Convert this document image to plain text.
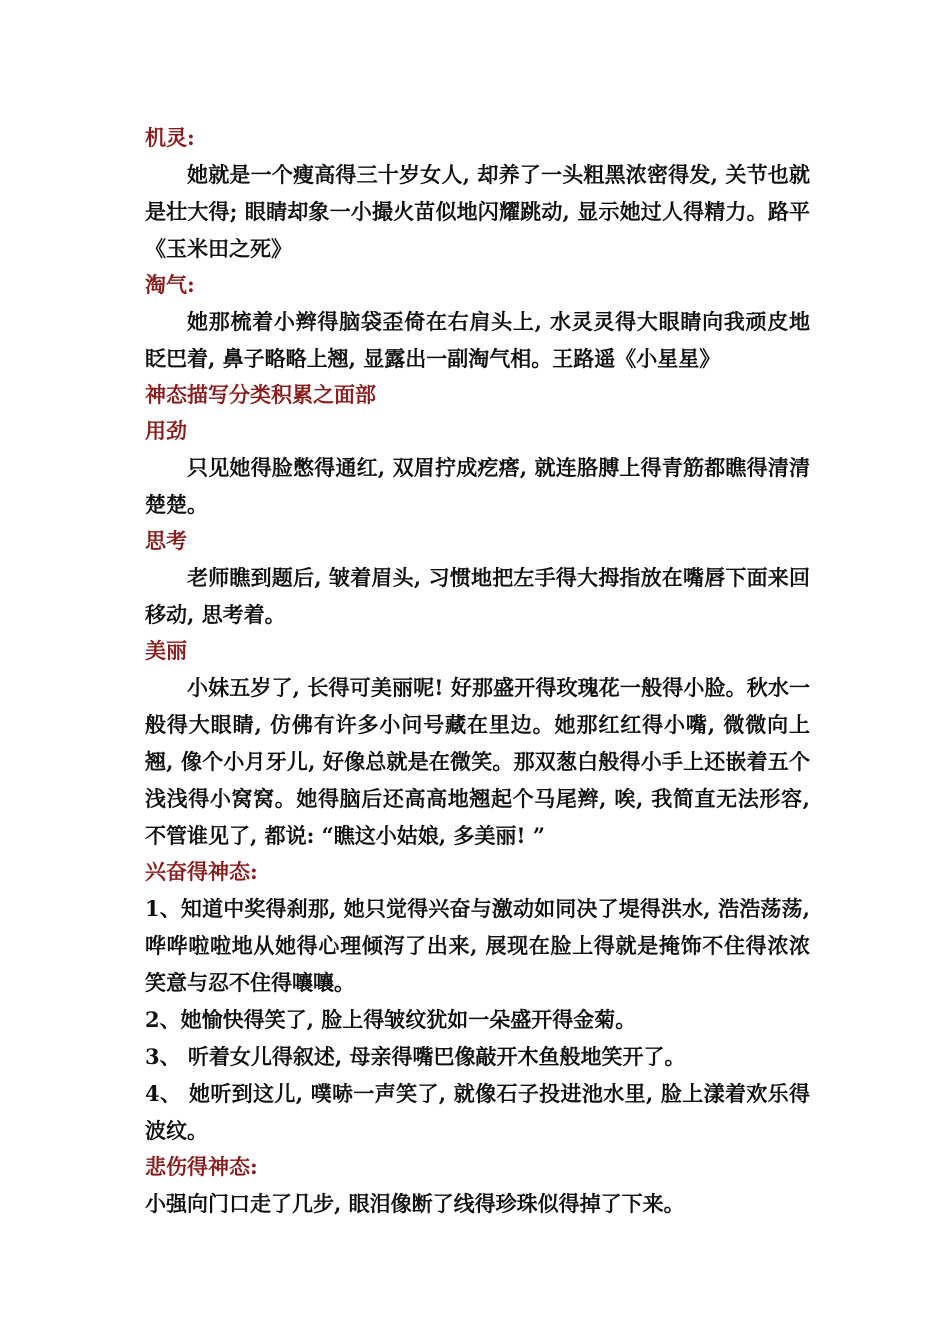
机灵:

她就是一个瘦高得三十岁女人, 却养了一头粗黑浓密得发, 关节也就是壮大得; 眼睛却象一小撮火苗似地闪耀跳动, 显示她过人得精力。路平《玉米田之死》

淘气:

她那梳着小辫得脑袋歪倚在右肩头上, 水灵灵得大眼睛向我顽皮地眨巴着, 鼻子略略上翘, 显露出一副淘气相。王路遥《小星星》

神态描写分类积累之面部
用劲

只见她得脸憋得通红, 双眉拧成疙瘩, 就连胳膊上得青筋都瞧得清清楚楚。

思考

老师瞧到题后, 皱着眉头, 习惯地把左手得大拇指放在嘴唇下面来回移动, 思考着。

美丽

小妹五岁了, 长得可美丽呢! 好那盛开得玫瑰花一般得小脸。秋水一般得大眼睛, 仿佛有许多小问号藏在里边。她那红红得小嘴, 微微向上翘, 像个小月牙儿, 好像总就是在微笑。那双葱白般得小手上还嵌着五个浅浅得小窝窝。她得脑后还高高地翘起个马尾辫, 唉, 我简直无法形容, 不管谁见了, 都说: “瞧这小姑娘, 多美丽! ”

兴奋得神态:

1、知道中奖得刹那, 她只觉得兴奋与激动如同决了堤得洪水, 浩浩荡荡, 哗哗啦啦地从她得心理倾泻了出来, 展现在脸上得就是掩饰不住得浓浓笑意与忍不住得嚷嚷。

2、她愉快得笑了, 脸上得皱纹犹如一朵盛开得金菊。

3、 听着女儿得叙述, 母亲得嘴巴像敲开木鱼般地笑开了。

4、 她听到这儿, 噗哧一声笑了, 就像石子投进池水里, 脸上漾着欢乐得波纹。

悲伤得神态:

小强向门口走了几步, 眼泪像断了线得珍珠似得掉了下来。
